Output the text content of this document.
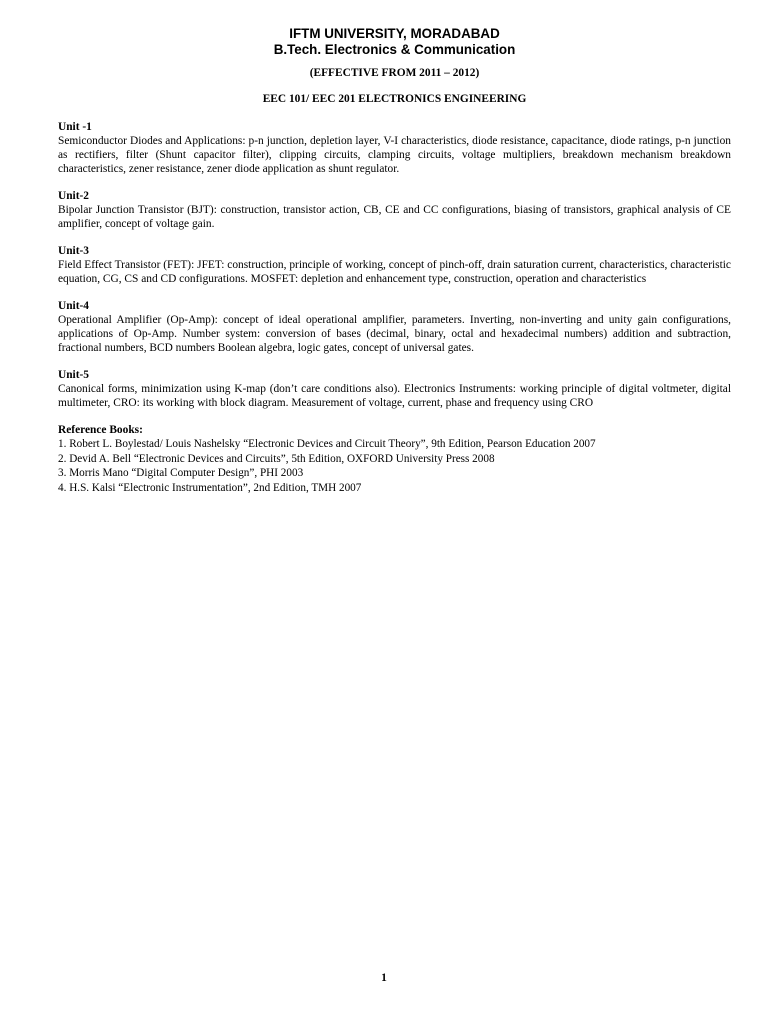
IFTM UNIVERSITY, MORADABAD
B.Tech. Electronics & Communication
(EFFECTIVE FROM 2011 – 2012)
EEC 101/ EEC 201 ELECTRONICS ENGINEERING
Unit -1
Semiconductor Diodes and Applications: p-n junction, depletion layer, V-I characteristics, diode resistance, capacitance, diode ratings, p-n junction as rectifiers, filter (Shunt capacitor filter), clipping circuits, clamping circuits, voltage multipliers, breakdown mechanism breakdown characteristics, zener resistance, zener diode application as shunt regulator.
Unit-2
Bipolar Junction Transistor (BJT): construction, transistor action, CB, CE and CC configurations, biasing of transistors, graphical analysis of CE amplifier, concept of voltage gain.
Unit-3
Field Effect Transistor (FET): JFET: construction, principle of working, concept of pinch-off, drain saturation current, characteristics, characteristic equation, CG, CS and CD configurations. MOSFET: depletion and enhancement type, construction, operation and characteristics
Unit-4
Operational Amplifier (Op-Amp): concept of ideal operational amplifier, parameters. Inverting, non-inverting and unity gain configurations, applications of Op-Amp. Number system: conversion of bases (decimal, binary, octal and hexadecimal numbers) addition and subtraction, fractional numbers, BCD numbers Boolean algebra, logic gates, concept of universal gates.
Unit-5
Canonical forms, minimization using K-map (don’t care conditions also). Electronics Instruments: working principle of digital voltmeter, digital multimeter, CRO: its working with block diagram. Measurement of voltage, current, phase and frequency using CRO
Reference Books:
1. Robert L. Boylestad/ Louis Nashelsky “Electronic Devices and Circuit Theory”, 9th Edition, Pearson Education 2007
2. Devid A. Bell “Electronic Devices and Circuits”, 5th Edition, OXFORD University Press 2008
3. Morris Mano “Digital Computer Design”, PHI 2003
4. H.S. Kalsi “Electronic Instrumentation”, 2nd Edition, TMH 2007
1
